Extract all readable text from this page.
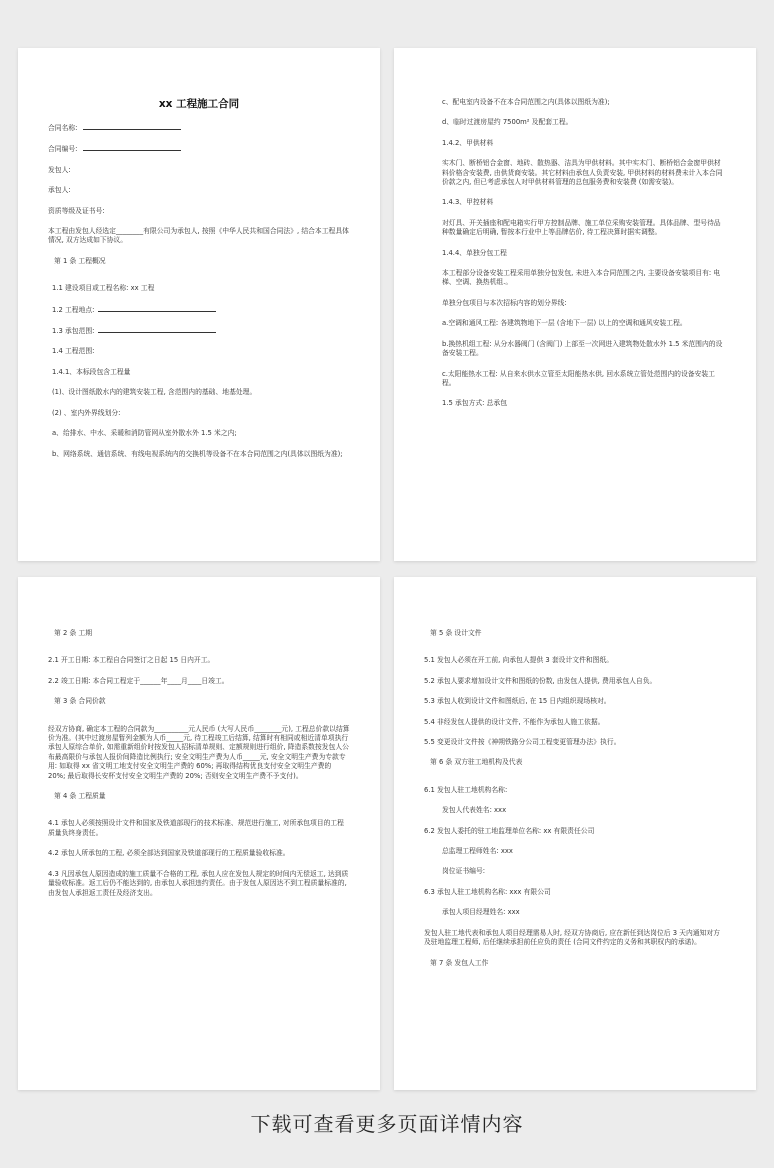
xx 工程施工合同
合同名称:
合同编号:
发包人:
承包人:
资质等级及证书号:
本工程由发包人经选定________有限公司为承包人, 按照《中华人民共和国合同法》, 结合本工程具体情况, 双方达成如下协议。
第 1 条 工程概况
1.1 建设项目或工程名称: xx 工程
1.2 工程地点:
1.3 承包范围:
1.4 工程范围:
1.4.1、本标段包含工程量
(1)、设计图纸散水内的建筑安装工程, 含范围内的基础、地基处理。
(2) 、室内外界线划分:
a、给排水、中水、采暖和消防管网从室外散水外 1.5 米之内;
b、网络系统、通信系统、有线电视系统内的交换机等设备不在本合同范围之内(具体以图纸为准);
c、配电室内设备不在本合同范围之内(具体以图纸为准);
d、临时过渡房屋约 7500m² 及配套工程。
1.4.2、甲供材料
实木门、断桥铝合金窗、地砖、散热器、洁具为甲供材料。其中实木门、断桥铝合金窗甲供材料价格含安装费, 由供货商安装。其它材料由承包人负责安装, 甲供材料的材料费未计入本合同价款之内, 但已考虑承包人对甲供材料管理的总包服务费和安装费 (如需安装)。
1.4.3、甲控材料
对灯具、开关插座和配电箱实行甲方控制品牌、施工单位采购安装管理。具体品牌、型号待品种数量确定后明确, 暂按本行业中上等品牌估价, 待工程决算时据实调整。
1.4.4、单独分包工程
本工程部分设备安装工程采用单独分包发包, 未进入本合同范围之内, 主要设备安装项目有: 电梯、空调、换热机组.。
单独分包项目与本次招标内容的划分界线:
a.空调和通风工程: 各建筑物地下一层 (含地下一层) 以上的空调和通风安装工程。
b.换热机组工程: 从分水器阀门 (含阀门) 上部至一次网进入建筑物处散水外 1.5 米范围内的设备安装工程。
c.太阳能热水工程: 从自来水供水立管至太阳能热水供, 回水系统立管处范围内的设备安装工程。
1.5 承包方式: 总承包
第 2 条 工期
2.1 开工日期: 本工程自合同签订之日起 15 日内开工。
2.2 竣工日期: 本合同工程定于______年____月____日竣工。
第 3 条 合同价款
经双方协商, 确定本工程的合同款为__________元人民币 (大写人民币________元), 工程总价款以结算价为准。(其中过渡房屋暂列金额为人币_____元, 待工程竣工后结算, 结算时有相同或相近清单项执行承包人原综合单价, 如需重新组价时按发包人招标清单规则、定额规则进行组价, 降造系数按发包人公布最高限价与承包人报价间降造比例执行; 安全文明生产费为人币_____元, 安全文明生产费为专款专用: 如取得 xx 省文明工地支付安全文明生产费的 60%; 再取得结构优良支付安全文明生产费的 20%; 最后取得长安杯支付安全文明生产费的 20%; 否则安全文明生产费不予支付)。
第 4 条 工程质量
4.1 承包人必须按照设计文件和国家及铁道部现行的技术标准、规范进行施工, 对所承包项目的工程质量负终身责任。
4.2 承包人所承包的工程, 必须全部达到国家及铁道部现行的工程质量验收标准。
4.3 凡因承包人原因造成的施工质量不合格的工程, 承包人应在发包人规定的时间内无偿返工, 达到质量验收标准。返工后仍不能达到的, 由承包人承担违约责任。由于发包人原因达不到工程质量标准的, 由发包人承担返工责任及经济支出。
第 5 条 设计文件
5.1 发包人必须在开工前, 向承包人提供 3 套设计文件和图纸。
5.2 承包人要求增加设计文件和图纸的份数, 由发包人提供, 费用承包人自负。
5.3 承包人收到设计文件和图纸后, 在 15 日内组织现场核对。
5.4 非经发包人提供的设计文件, 不能作为承包人施工依据。
5.5 变更设计文件按《神朔铁路分公司工程变更管理办法》执行。
第 6 条 双方驻工地机构及代表
6.1 发包人驻工地机构名称:
发包人代表姓名: xxx
6.2 发包人委托的驻工地监理单位名称: xx 有限责任公司
总监理工程师姓名: xxx
岗位证书编号:
6.3 承包人驻工地机构名称: xxx 有限公司
承包人项目经理姓名: xxx
发包人驻工地代表和承包人项目经理需易人时, 经双方协商后, 应在新任到达岗位后 3 天内通知对方及驻地监理工程师, 后任继续承担前任应负的责任 (合同文件约定的义务和其职权内的承诺)。
第 7 条 发包人工作
下载可查看更多页面详情内容
